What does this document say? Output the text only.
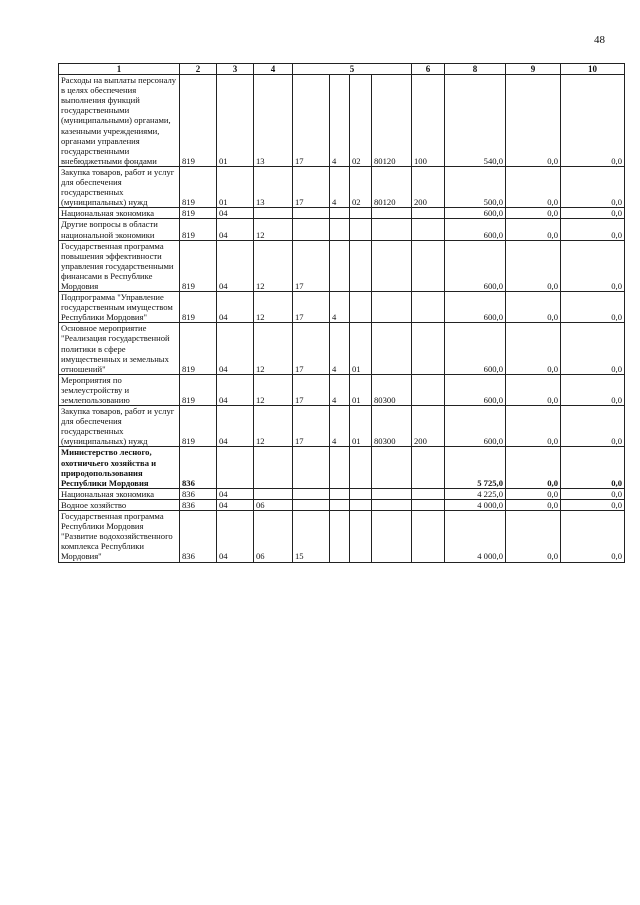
48
1	2	3	4	5				6	8	9	10
Расходы на выплаты персоналу в целях обеспечения выполнения функций государственными (муниципальными) органами, казенными учреждениями, органами управления государственными внебюджетными фондами	819	01	13	17	4	02	80120	100	540,0	0,0	0,0
Закупка товаров, работ и услуг для обеспечения государственных (муниципальных) нужд	819	01	13	17	4	02	80120	200	500,0	0,0	0,0
Национальная экономика	819	04							600,0	0,0	0,0
Другие вопросы в области национальной экономики	819	04	12						600,0	0,0	0,0
Государственная программа повышения эффективности управления государственными финансами в Республике Мордовия	819	04	12	17					600,0	0,0	0,0
Подпрограмма "Управление государственным имуществом Республики Мордовия"	819	04	12	17	4				600,0	0,0	0,0
Основное мероприятие "Реализация государственной политики в сфере имущественных и земельных отношений"	819	04	12	17	4	01			600,0	0,0	0,0
Мероприятия по землеустройству и землепользованию	819	04	12	17	4	01	80300		600,0	0,0	0,0
Закупка товаров, работ и услуг для обеспечения государственных (муниципальных) нужд	819	04	12	17	4	01	80300	200	600,0	0,0	0,0
Министерство лесного, охотничьего хозяйства и природопользования Республики Мордовия	836								5 725,0	0,0	0,0
Национальная экономика	836	04							4 225,0	0,0	0,0
Водное хозяйство	836	04	06						4 000,0	0,0	0,0
Государственная программа Республики Мордовия "Развитие водохозяйственного комплекса Республики Мордовия"	836	04	06	15					4 000,0	0,0	0,0
